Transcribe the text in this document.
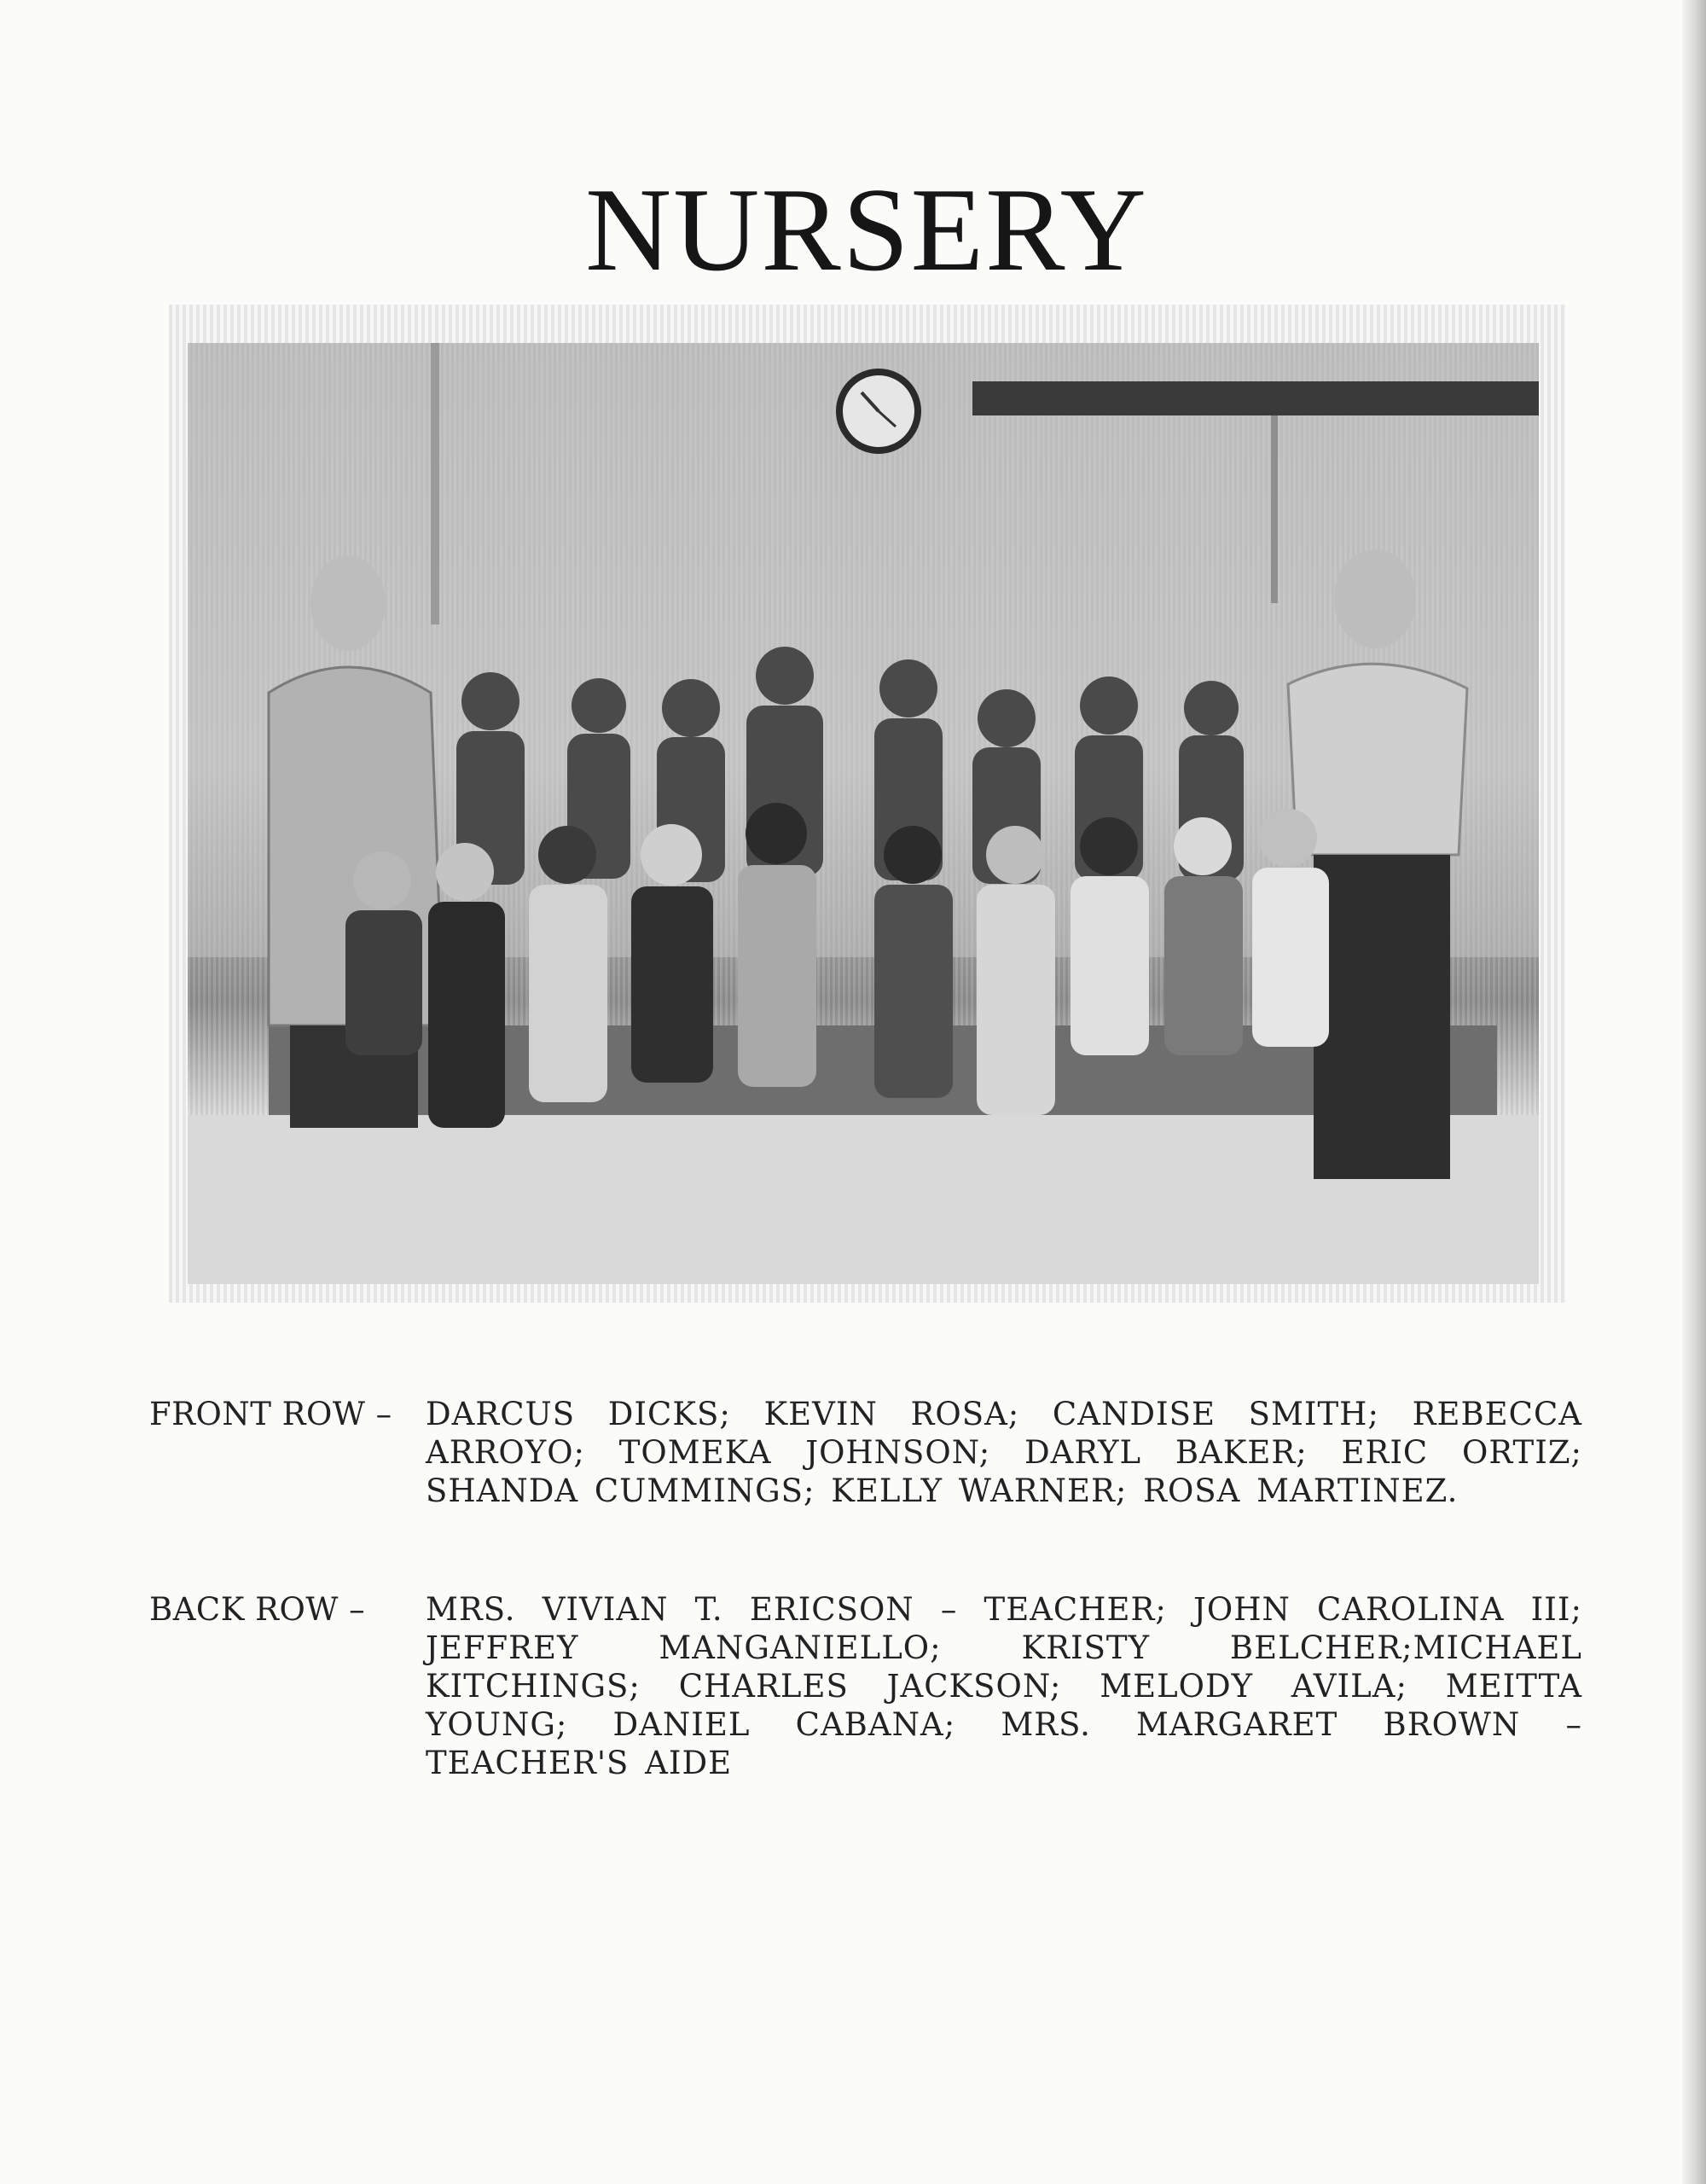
NURSERY
FRONT ROW –	DARCUS DICKS; KEVIN ROSA; CANDISE SMITH; REBECCA ARROYO; TOMEKA JOHNSON; DARYL BAKER; ERIC ORTIZ; SHANDA CUMMINGS; KELLY WARNER; ROSA MARTINEZ.
BACK ROW –	MRS. VIVIAN T. ERICSON – TEACHER; JOHN CAROLINA III; JEFFREY MANGANIELLO; KRISTY BELCHER;MICHAEL KITCHINGS; CHARLES JACKSON; MELODY AVILA; MEITTA YOUNG; DANIEL CABANA; MRS. MARGARET BROWN – TEACHER'S AIDE
